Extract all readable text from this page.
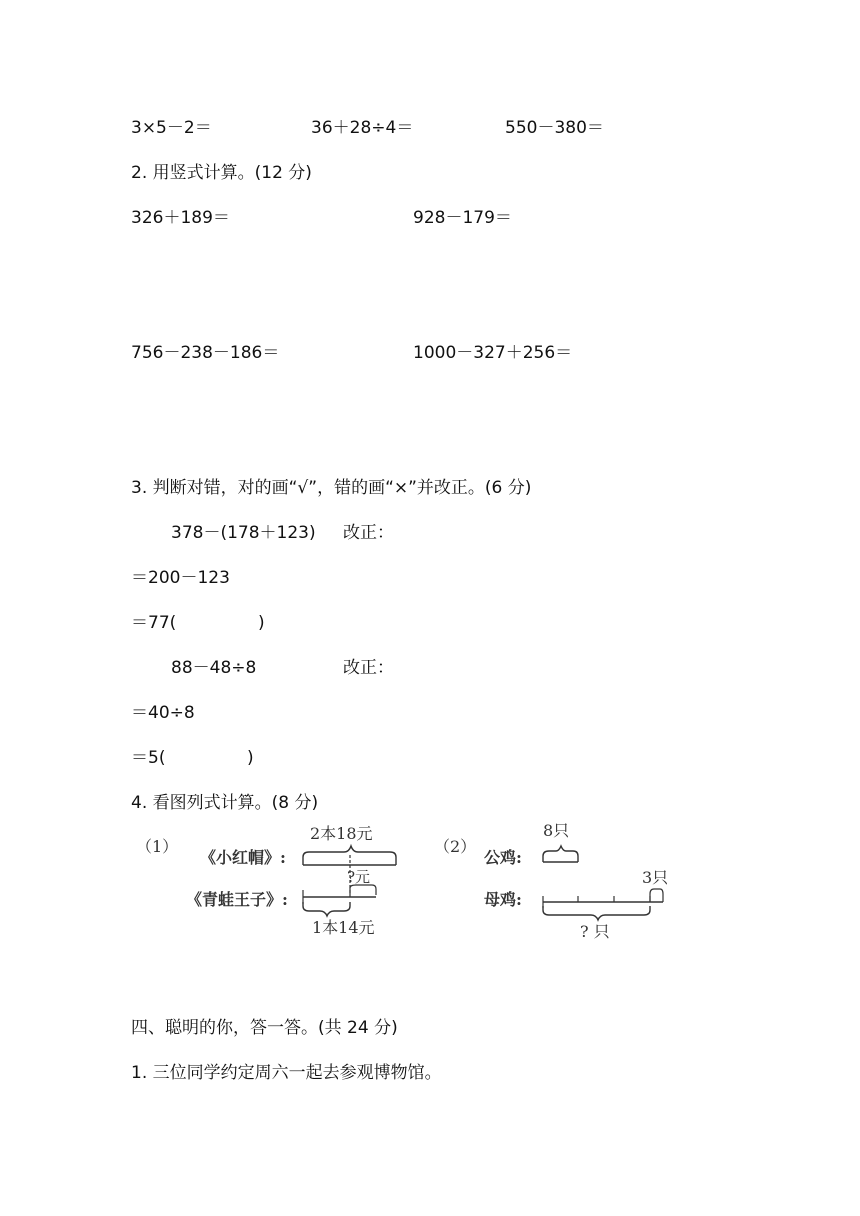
3×5－2＝	36＋28÷4＝	550－380＝
2. 用竖式计算。(12 分)
326＋189＝	928－179＝
756－238－186＝	1000－327＋256＝
3. 判断对错，对的画“√”，错的画“×”并改正。(6 分)
378－(178＋123) 改正：
＝200－123
＝77(	)
88－48÷8	改正：
＝40÷8
＝5(	)
4. 看图列式计算。(8 分)
（1）
2本18元
《小红帽》:
?元
《青蛙王子》:
1本14元
（2）
8只
公鸡:
3只
母鸡:
? 只
四、聪明的你，答一答。(共 24 分)
1. 三位同学约定周六一起去参观博物馆。
